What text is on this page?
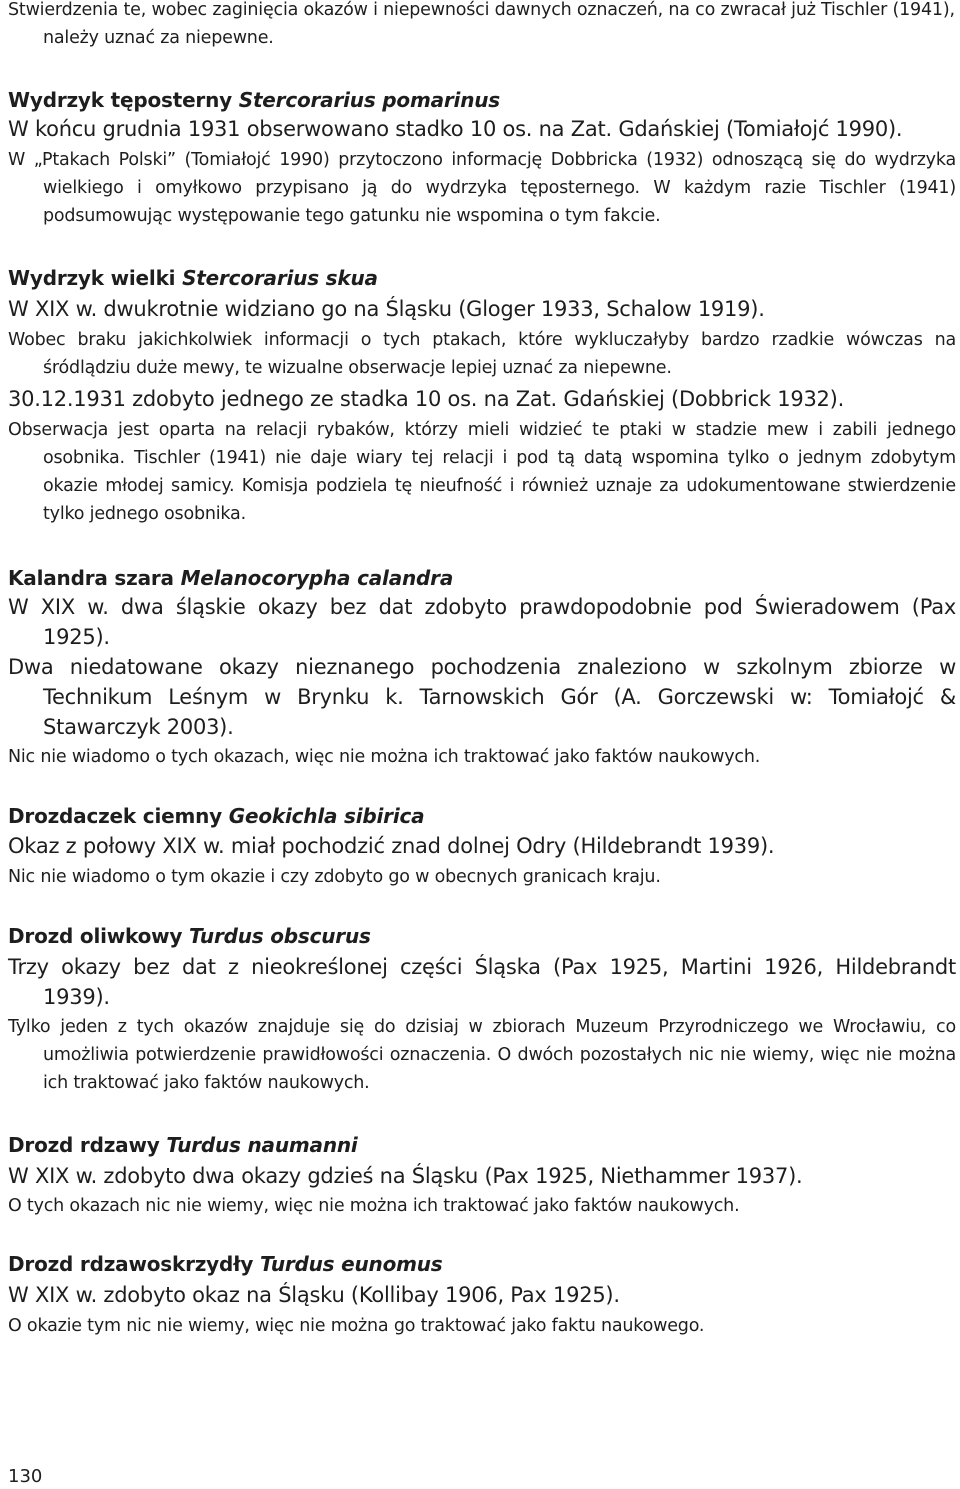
Stwierdzenia te, wobec zaginięcia okazów i niepewności dawnych oznaczeń, na co zwracał już Tischler (1941), należy uznać za niepewne.

Wydrzyk tęposterny Stercorarius pomarinus

W końcu grudnia 1931 obserwowano stadko 10 os. na Zat. Gdańskiej (Tomiałojć 1990).

W „Ptakach Polski” (Tomiałojć 1990) przytoczono informację Dobbricka (1932) odnoszącą się do wydrzyka wielkiego i omyłkowo przypisano ją do wydrzyka tęposternego. W każdym razie Tischler (1941) podsumowując występowanie tego gatunku nie wspomina o tym fakcie.

Wydrzyk wielki Stercorarius skua

W XIX w. dwukrotnie widziano go na Śląsku (Gloger 1933, Schalow 1919).

Wobec braku jakichkolwiek informacji o tych ptakach, które wykluczałyby bardzo rzadkie wówczas na śródlądziu duże mewy, te wizualne obserwacje lepiej uznać za niepewne.

30.12.1931 zdobyto jednego ze stadka 10 os. na Zat. Gdańskiej (Dobbrick 1932).

Obserwacja jest oparta na relacji rybaków, którzy mieli widzieć te ptaki w stadzie mew i zabili jednego osobnika. Tischler (1941) nie daje wiary tej relacji i pod tą datą wspomina tylko o jednym zdobytym okazie młodej samicy. Komisja podziela tę nieufność i również uznaje za udokumentowane stwierdzenie tylko jednego osobnika.

Kalandra szara Melanocorypha calandra

W XIX w. dwa śląskie okazy bez dat zdobyto prawdopodobnie pod Świeradowem (Pax 1925).

Dwa niedatowane okazy nieznanego pochodzenia znaleziono w szkolnym zbiorze w Technikum Leśnym w Brynku k. Tarnowskich Gór (A. Gorczewski w: Tomiałojć & Stawarczyk 2003).

Nic nie wiadomo o tych okazach, więc nie można ich traktować jako faktów naukowych.

Drozdaczek ciemny Geokichla sibirica

Okaz z połowy XIX w. miał pochodzić znad dolnej Odry (Hildebrandt 1939).

Nic nie wiadomo o tym okazie i czy zdobyto go w obecnych granicach kraju.

Drozd oliwkowy Turdus obscurus

Trzy okazy bez dat z nieokreślonej części Śląska (Pax 1925, Martini 1926, Hildebrandt 1939).

Tylko jeden z tych okazów znajduje się do dzisiaj w zbiorach Muzeum Przyrodniczego we Wrocławiu, co umożliwia potwierdzenie prawidłowości oznaczenia. O dwóch pozostałych nic nie wiemy, więc nie można ich traktować jako faktów naukowych.

Drozd rdzawy Turdus naumanni

W XIX w. zdobyto dwa okazy gdzieś na Śląsku (Pax 1925, Niethammer 1937).

O tych okazach nic nie wiemy, więc nie można ich traktować jako faktów naukowych.

Drozd rdzawoskrzydły Turdus eunomus

W XIX w. zdobyto okaz na Śląsku (Kollibay 1906, Pax 1925).

O okazie tym nic nie wiemy, więc nie można go traktować jako faktu naukowego.

130
